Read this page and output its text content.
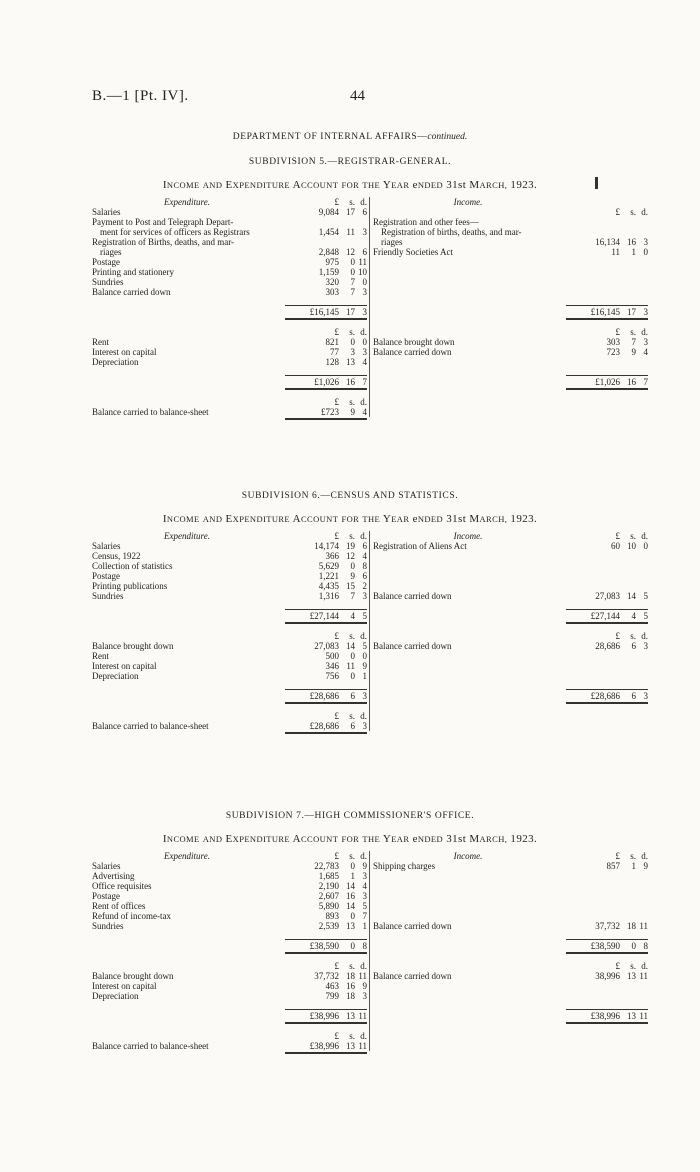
B.—1 [Pt. IV].	44
DEPARTMENT OF INTERNAL AFFAIRS—continued.
SUBDIVISION 5.—REGISTRAR-GENERAL.
INCOME AND EXPENDITURE ACCOUNT FOR THE YEAR eNDED 31st MARCH, 1923.
Expenditure.	£	s. d.
Salaries	9,084 17 6
Payment to Post and Telegraph Depart-
ment for services of officers as Registrars	1,454 11 3
Registration of Births, deaths, and mar-
riages	2,848 12 6
Postage	975	0 11
Printing and stationery	1,159	0 10
Sundries	320	7 0
Balance carried down	303	7 3
£16,145 17 3
£	s. d.
Rent	821	0 0
Interest on capital	77	3 3
Depreciation	128 13 4
£1,026 16 7
£	s. d.
Balance carried to balance-sheet	£723	9 4
Income.
£	s. d.
Registration and other fees—
Registration of births, deaths, and mar-
riages	16,134 16 3
Friendly Societies Act	11	1 0
£16,145 17 3
£	s. d.
Balance brought down	303	7 3
Balance carried down	723	9 4
£1,026 16 7
SUBDIVISION 6.—CENSUS AND STATISTICS.
INCOME AND EXPENDITURE ACCOUNT FOR THE YEAR eNDED 31st MARCH, 1923.
Expenditure.	£	s. d.
Salaries	14,174 19 6
Census, 1922	366 12 4
Collection of statistics	5,629	0 8
Postage	1,221	9 6
Printing publications	4,435 15 2
Sundries	1,316	7 3
£27,144	4 5
£	s. d.
Balance brought down	27,083 14 5
Rent	500	0 0
Interest on capital	346 11 9
Depreciation	756	0 1
£28,686	6 3
£	s. d.
Balance carried to balance-sheet	£28,686	6 3
Income.	£	s. d.
Registration of Aliens Act	60 10 0
Balance carried down	27,083 14 5
£27,144	4 5
£	s. d.
Balance carried down	28,686	6 3
£28,686	6 3
SUBDIVISION 7.—HIGH COMMISSIONER'S OFFICE.
INCOME AND EXPENDITURE ACCOUNT FOR THE YEAR eNDED 31st MARCH, 1923.
Expenditure.	£	s. d.
Salaries	22,783	0 9
Advertising	1,685	1 3
Office requisites	2,190 14 4
Postage	2,607 16 3
Rent of offices	5,890 14 5
Refund of income-tax	893	0 7
Sundries	2,539 13 1
£38,590	0 8
£	s. d.
Balance brought down	37,732 18 11
Interest on capital	463 16 9
Depreciation	799 18 3
£38,996 13 11
£	s. d.
Balance carried to balance-sheet	£38,996 13 11
Income.	£	s. d.
Shipping charges	857	1 9
Balance carried down	37,732 18 11
£38,590	0 8
£	s. d.
Balance carried down	38,996 13 11
£38,996 13 11
